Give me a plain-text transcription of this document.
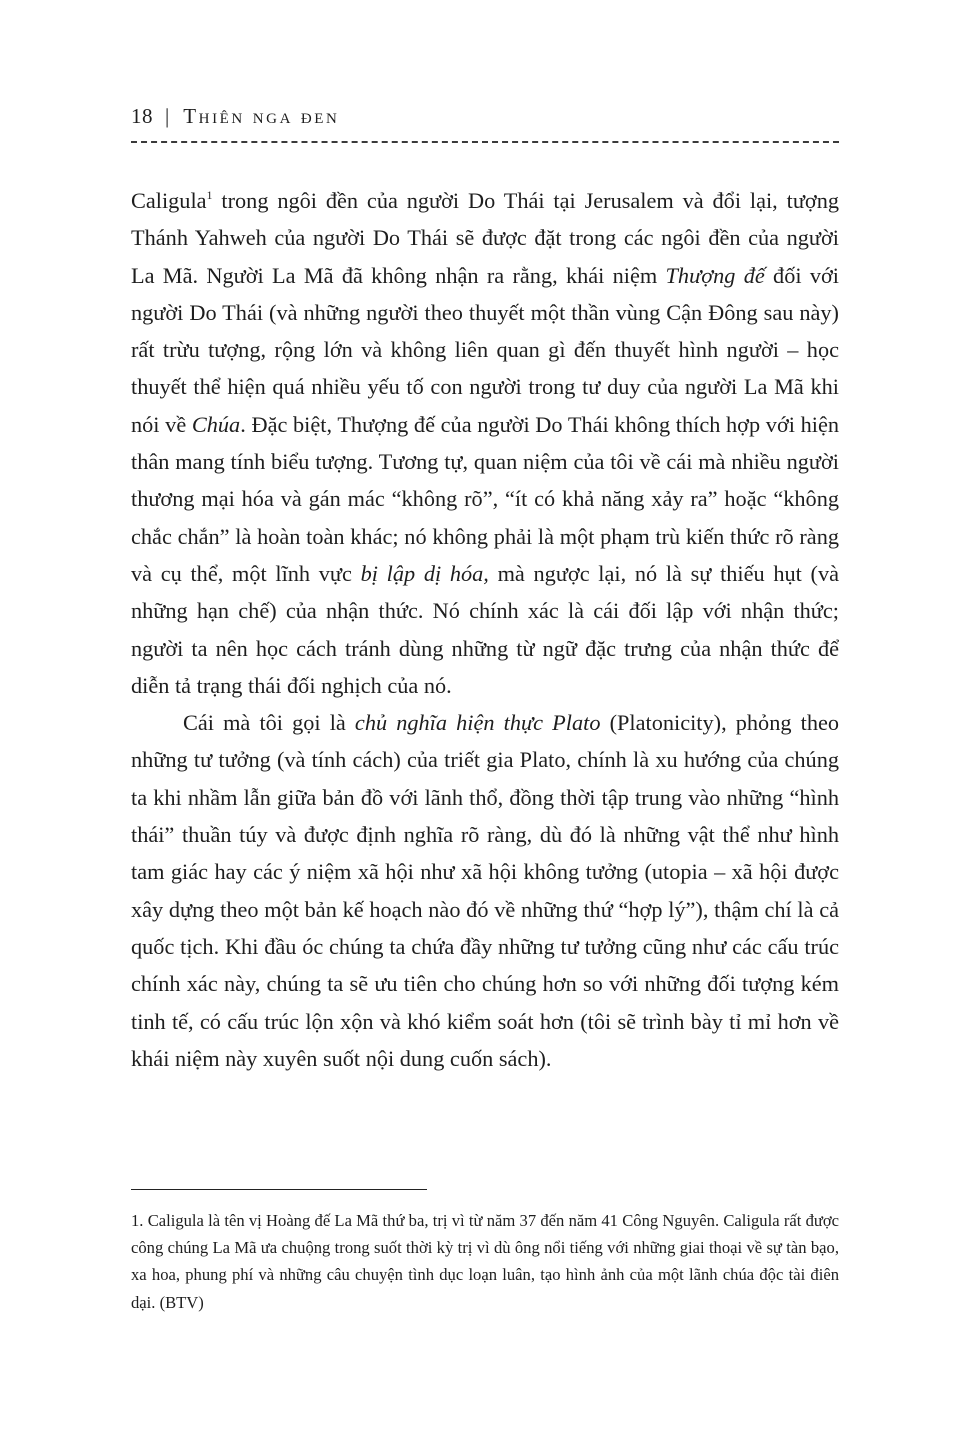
18 | Thiên nga đen

Caligula$^1$ trong ngôi đền của người Do Thái tại Jerusalem và đổi lại, tượng Thánh Yahweh của người Do Thái sẽ được đặt trong các ngôi đền của người La Mã. Người La Mã đã không nhận ra rằng, khái niệm Thượng đế đối với người Do Thái (và những người theo thuyết một thần vùng Cận Đông sau này) rất trừu tượng, rộng lớn và không liên quan gì đến thuyết hình người – học thuyết thể hiện quá nhiều yếu tố con người trong tư duy của người La Mã khi nói về Chúa. Đặc biệt, Thượng đế của người Do Thái không thích hợp với hiện thân mang tính biểu tượng. Tương tự, quan niệm của tôi về cái mà nhiều người thương mại hóa và gán mác “không rõ”, “ít có khả năng xảy ra” hoặc “không chắc chắn” là hoàn toàn khác; nó không phải là một phạm trù kiến thức rõ ràng và cụ thể, một lĩnh vực bị lập dị hóa, mà ngược lại, nó là sự thiếu hụt (và những hạn chế) của nhận thức. Nó chính xác là cái đối lập với nhận thức; người ta nên học cách tránh dùng những từ ngữ đặc trưng của nhận thức để diễn tả trạng thái đối nghịch của nó.

Cái mà tôi gọi là chủ nghĩa hiện thực Plato (Platonicity), phỏng theo những tư tưởng (và tính cách) của triết gia Plato, chính là xu hướng của chúng ta khi nhầm lẫn giữa bản đồ với lãnh thổ, đồng thời tập trung vào những “hình thái” thuần túy và được định nghĩa rõ ràng, dù đó là những vật thể như hình tam giác hay các ý niệm xã hội như xã hội không tưởng (utopia – xã hội được xây dựng theo một bản kế hoạch nào đó về những thứ “hợp lý”), thậm chí là cả quốc tịch. Khi đầu óc chúng ta chứa đầy những tư tưởng cũng như các cấu trúc chính xác này, chúng ta sẽ ưu tiên cho chúng hơn so với những đối tượng kém tinh tế, có cấu trúc lộn xộn và khó kiểm soát hơn (tôi sẽ trình bày tỉ mỉ hơn về khái niệm này xuyên suốt nội dung cuốn sách).

1. Caligula là tên vị Hoàng đế La Mã thứ ba, trị vì từ năm 37 đến năm 41 Công Nguyên. Caligula rất được công chúng La Mã ưa chuộng trong suốt thời kỳ trị vì dù ông nổi tiếng với những giai thoại về sự tàn bạo, xa hoa, phung phí và những câu chuyện tình dục loạn luân, tạo hình ảnh của một lãnh chúa độc tài điên dại. (BTV)
